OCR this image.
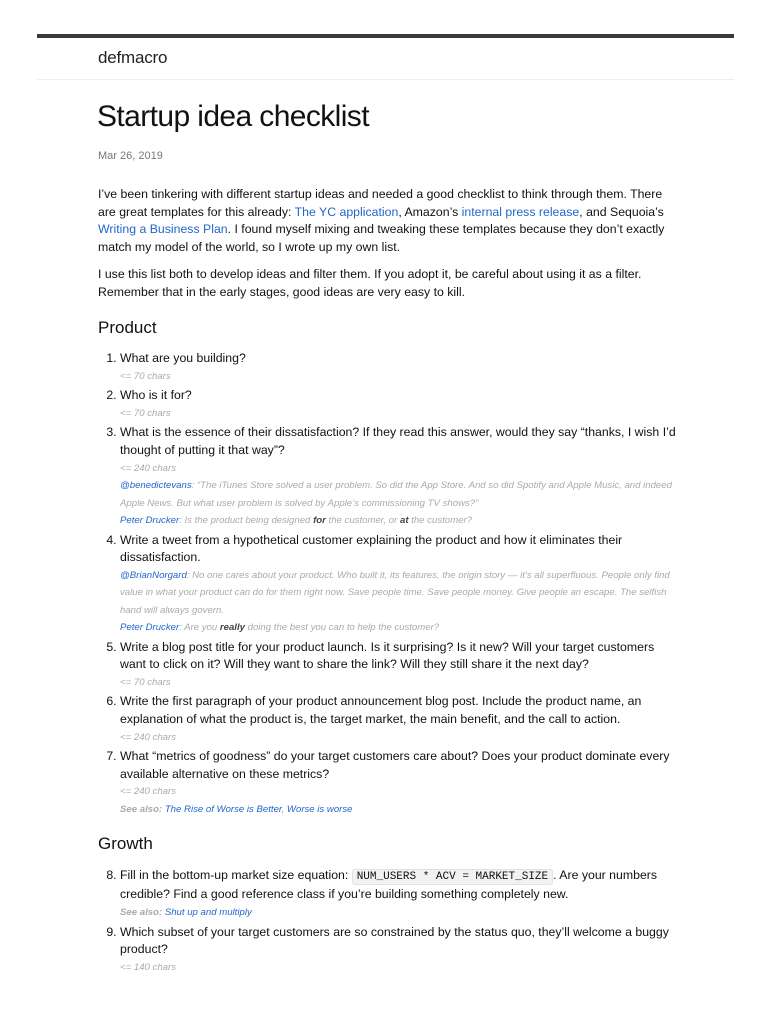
defmacro
Startup idea checklist
Mar 26, 2019

I’ve been tinkering with different startup ideas and needed a good checklist to think through them. There are great templates for this already: The YC application, Amazon’s internal press release, and Sequoia’s Writing a Business Plan. I found myself mixing and tweaking these templates because they don’t exactly match my model of the world, so I wrote up my own list.

I use this list both to develop ideas and filter them. If you adopt it, be careful about using it as a filter. Remember that in the early stages, good ideas are very easy to kill.

Product
1. What are you building?
<= 70 chars
2. Who is it for?
<= 70 chars
3. What is the essence of their dissatisfaction? If they read this answer, would they say “thanks, I wish I’d thought of putting it that way”?
<= 240 chars
@benedictevans: “The iTunes Store solved a user problem. So did the App Store. And so did Spotify and Apple Music, and indeed Apple News. But what user problem is solved by Apple’s commissioning TV shows?”
Peter Drucker: Is the product being designed for the customer, or at the customer?
4. Write a tweet from a hypothetical customer explaining the product and how it eliminates their dissatisfaction.
@BrianNorgard: No one cares about your product. Who built it, its features, the origin story — it’s all superfluous. People only find value in what your product can do for them right now. Save people time. Save people money. Give people an escape. The selfish hand will always govern.
Peter Drucker: Are you really doing the best you can to help the customer?
5. Write a blog post title for your product launch. Is it surprising? Is it new? Will your target customers want to click on it? Will they want to share the link? Will they still share it the next day?
<= 70 chars
6. Write the first paragraph of your product announcement blog post. Include the product name, an explanation of what the product is, the target market, the main benefit, and the call to action.
<= 240 chars
7. What “metrics of goodness” do your target customers care about? Does your product dominate every available alternative on these metrics?
<= 240 chars
See also: The Rise of Worse is Better, Worse is worse
Growth
8. Fill in the bottom-up market size equation: NUM_USERS * ACV = MARKET_SIZE . Are your numbers credible? Find a good reference class if you’re building something completely new.
See also: Shut up and multiply
9. Which subset of your target customers are so constrained by the status quo, they’ll welcome a buggy product?
<= 140 chars
